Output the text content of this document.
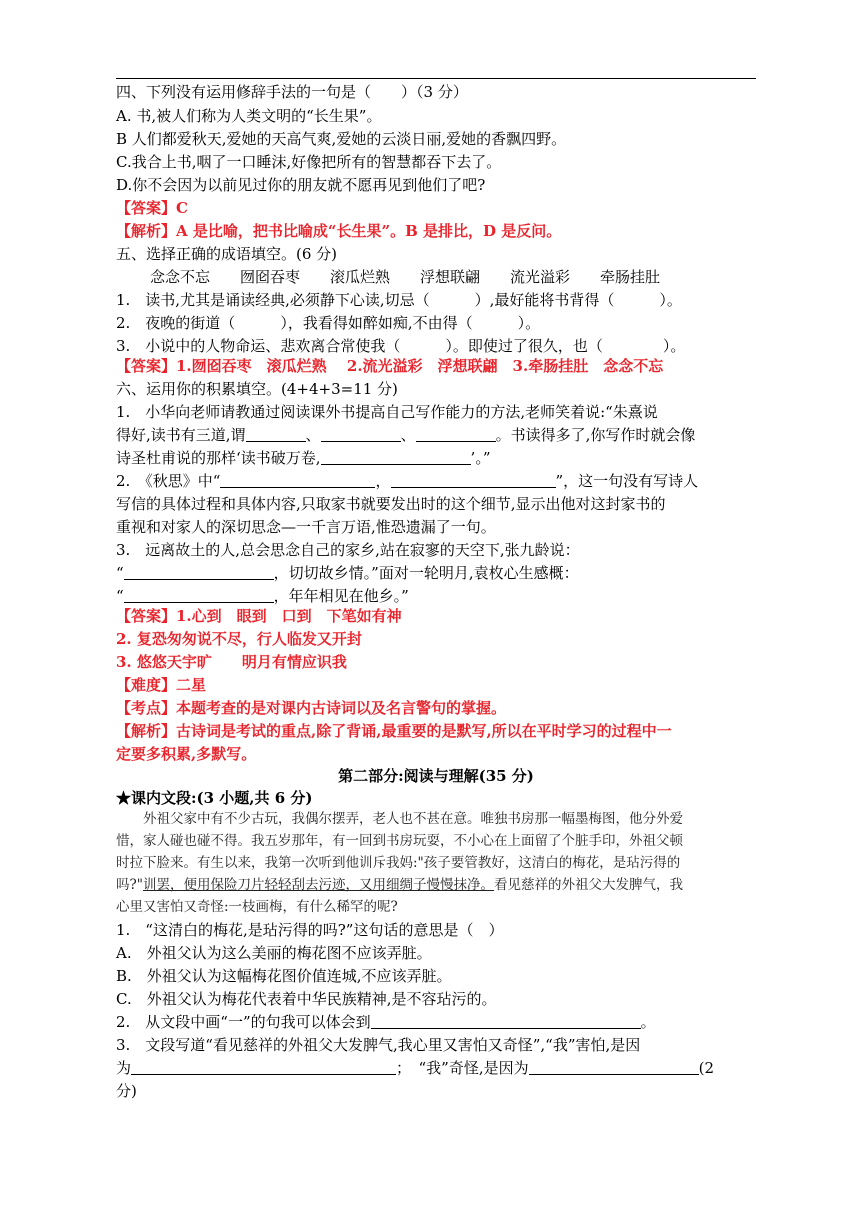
四、下列没有运用修辞手法的一句是（　　）（3 分）
A. 书,被人们称为人类文明的“长生果”。
B 人们都爱秋天,爱她的天高气爽,爱她的云淡日丽,爱她的香飘四野。
C.我合上书,咽了一口睡沫,好像把所有的智慧都吞下去了。
D.你不会因为以前见过你的朋友就不愿再见到他们了吧?
【答案】C
【解析】A 是比喻，把书比喻成“长生果”。B 是排比，D 是反问。
五、选择正确的成语填空。(6 分)
念念不忘　　囫囵吞枣　　滚瓜烂熟　　浮想联翩　　流光溢彩　　牵肠挂肚
1.　读书,尤其是诵读经典,必须静下心读,切忌（　　　）,最好能将书背得（　　　）。
2.　夜晚的街道（　　　），我看得如醉如痴,不由得（　　　）。
3.　小说中的人物命运、悲欢离合常使我（　　　）。即使过了很久，也（　　　　）。
【答案】1.囫囵吞枣　滚瓜烂熟　 2.流光溢彩　浮想联翩　3.牵肠挂肚　念念不忘
六、运用你的积累填空。(4+4+3=11 分)
1.　小华向老师请教通过阅读课外书提高自己写作能力的方法,老师笑着说:“朱熹说
得好,读书有三道,谓	、	、	。书读得多了,你写作时就会像
诗圣杜甫说的那样‘读书破万卷,	’。”
2.　《秋思》中“	，	”，这一句没有写诗人
写信的具体过程和具体内容,只取家书就要发出时的这个细节,显示出他对这封家书的
重视和对家人的深切思念—一千言万语,惟恐遗漏了一句。
3.　远离故土的人,总会思念自己的家乡,站在寂寥的天空下,张九龄说：
“	，切切故乡情。”面对一轮明月,袁枚心生感概：
“	，年年相见在他乡。”
【答案】1.心到　眼到　口到　下笔如有神
2. 复恐匆匆说不尽，行人临发又开封
3. 悠悠天宇旷　　明月有情应识我
【难度】二星
【考点】本题考查的是对课内古诗词以及名言警句的掌握。
【解析】古诗词是考试的重点,除了背诵,最重要的是默写,所以在平时学习的过程中一
定要多积累,多默写。
第二部分:阅读与理解(35 分)
★课内文段:(3 小题,共 6 分)
　　外祖父家中有不少古玩，我偶尔摆弄，老人也不甚在意。唯独书房那一幅墨梅图，他分外爱
惜，家人碰也碰不得。我五岁那年，有一回到书房玩耍，不小心在上面留了个脏手印，外祖父顿
时拉下脸来。有生以来，我第一次听到他训斥我妈:"孩子要管教好，这清白的梅花，是玷污得的
吗?"训罢，便用保险刀片轻轻刮去污迹，又用细绸子慢慢抹净。看见慈祥的外祖父大发脾气，我
心里又害怕又奇怪:一枝画梅，有什么稀罕的呢?
1.　“这清白的梅花,是玷污得的吗?”这句话的意思是（　）
A.　外祖父认为这么美丽的梅花图不应该弄脏。
B.　外祖父认为这幅梅花图价值连城,不应该弄脏。
C.　外祖父认为梅花代表着中华民族精神,是不容玷污的。
2.　从文段中画“一”的句我可以体会到	。
3.　文段写道“看见慈祥的外祖父大发脾气,我心里又害怕又奇怪”,“我”害怕,是因
为	；　“我”奇怪,是因为	(2
分)
